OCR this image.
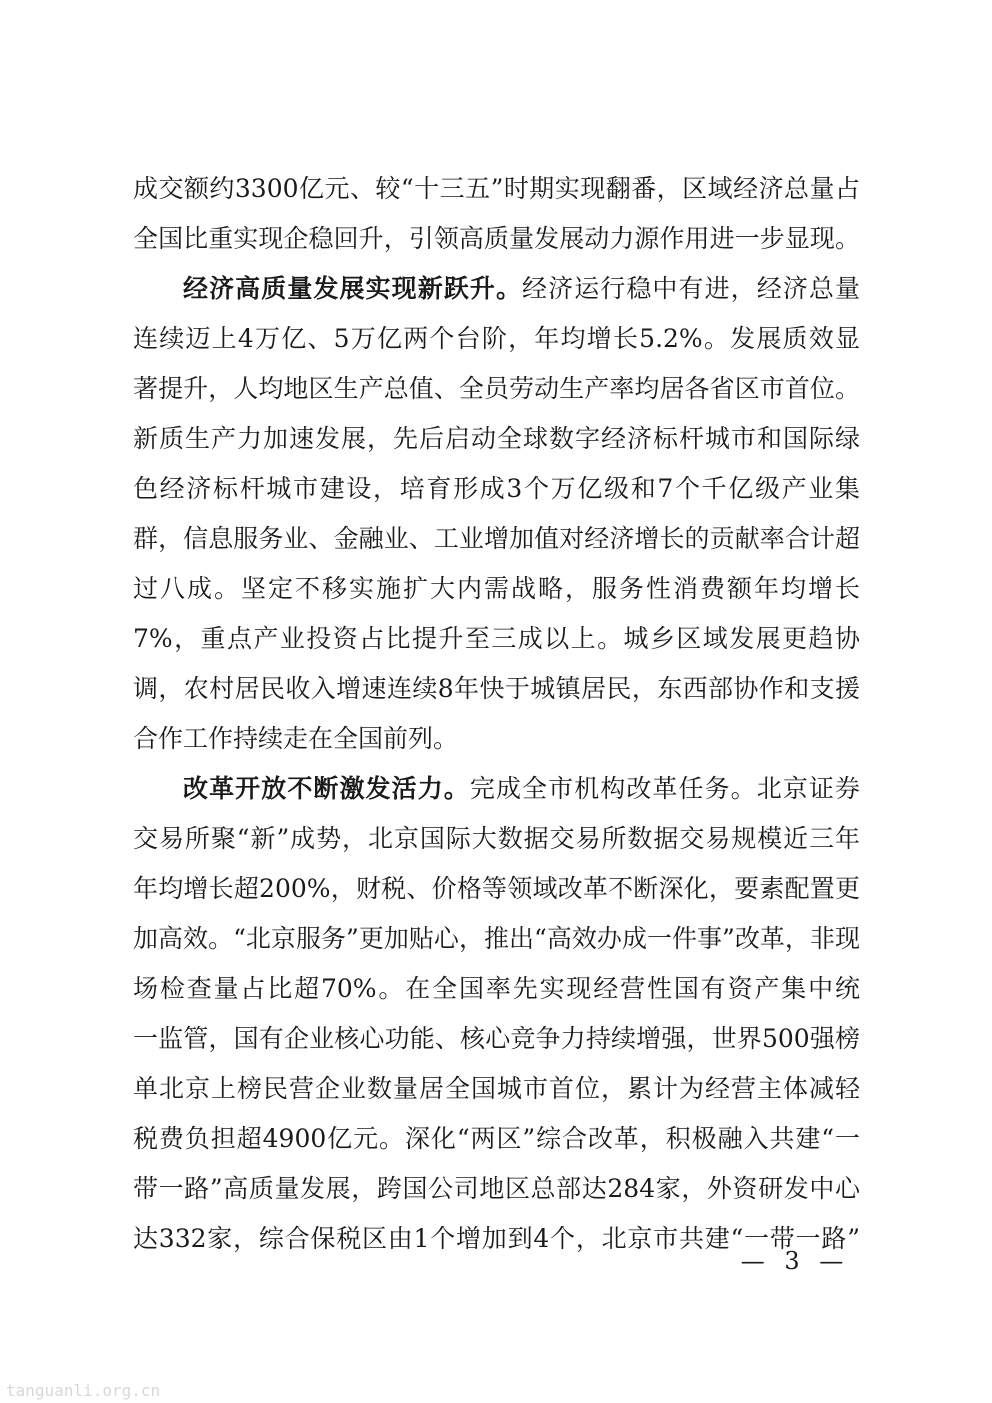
成交额约3300亿元、较“十三五”时期实现翻番，区域经济总量占
全国比重实现企稳回升，引领高质量发展动力源作用进一步显现。
经济高质量发展实现新跃升。经济运行稳中有进，经济总量
连续迈上4万亿、5万亿两个台阶，年均增长5.2%。发展质效显
著提升，人均地区生产总值、全员劳动生产率均居各省区市首位。
新质生产力加速发展，先后启动全球数字经济标杆城市和国际绿
色经济标杆城市建设，培育形成3个万亿级和7个千亿级产业集
群，信息服务业、金融业、工业增加值对经济增长的贡献率合计超
过八成。坚定不移实施扩大内需战略，服务性消费额年均增长
7%，重点产业投资占比提升至三成以上。城乡区域发展更趋协
调，农村居民收入增速连续8年快于城镇居民，东西部协作和支援
合作工作持续走在全国前列。
改革开放不断激发活力。完成全市机构改革任务。北京证券
交易所聚“新”成势，北京国际大数据交易所数据交易规模近三年
年均增长超200%，财税、价格等领域改革不断深化，要素配置更
加高效。“北京服务”更加贴心，推出“高效办成一件事”改革，非现
场检查量占比超70%。在全国率先实现经营性国有资产集中统
一监管，国有企业核心功能、核心竞争力持续增强，世界500强榜
单北京上榜民营企业数量居全国城市首位，累计为经营主体减轻
税费负担超4900亿元。深化“两区”综合改革，积极融入共建“一
带一路”高质量发展，跨国公司地区总部达284家，外资研发中心
达332家，综合保税区由1个增加到4个，北京市共建“一带一路”
— 3 —
tanguanli.org.cn
